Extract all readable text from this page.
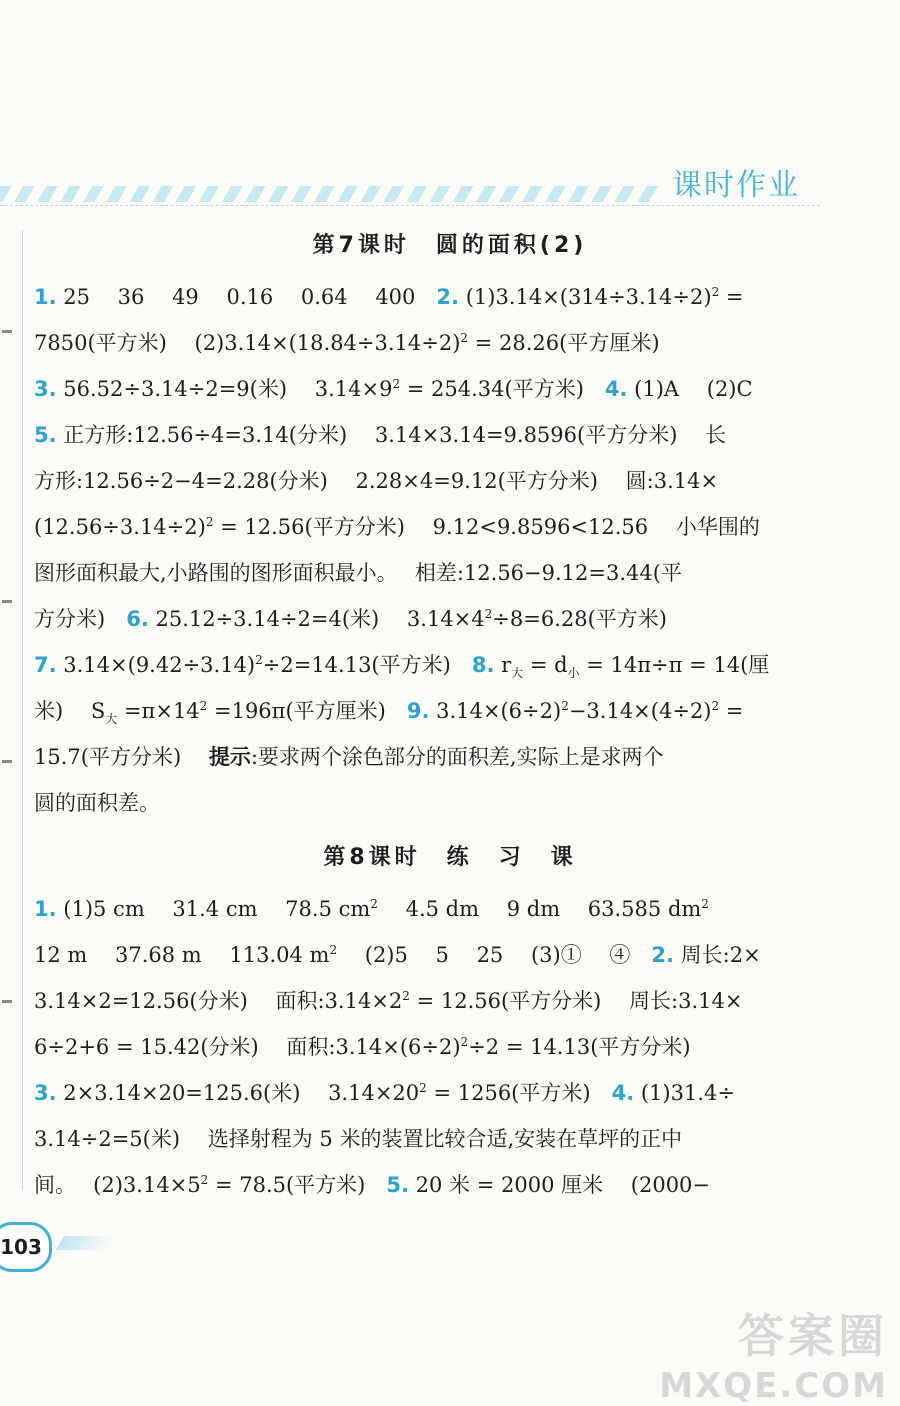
课时作业
第7课时　圆的面积(2)
1. 25　 36　 49　 0.16　 0.64　 400　2. $(1)3.14\times(314\div 3.14\div 2)^2$ =
7850(平方米)　 $(2)3.14\times(18.84\div 3.14\div 2)^2 = 28.26$(平方厘米)
3. 56.52÷3.14÷2=9(米)　 $3.14\times 9^2 = 254.34$(平方米)　4. (1)A　 (2)C
5. 正方形:12.56÷4=3.14(分米)　 3.14×3.14=9.8596(平方分米)　 长
方形:12.56÷2−4=2.28(分米)　 2.28×4=9.12(平方分米)　 圆:3.14×
$(12.56\div 3.14\div 2)^2 = 12.56$(平方分米)　 9.12<9.8596<12.56　 小华围的
图形面积最大,小路围的图形面积最小。　 相差:12.56−9.12=3.44(平
方分米)　6. 25.12÷3.14÷2=4(米)　 $3.14\times 4^2\div 8=6.28$(平方米)
7. $3.14\times(9.42\div 3.14)^2\div 2=14.13$(平方米)　8. $r_大 = d_小 = 14\pi\div\pi = 14$(厘
米)　 $S_大 =\pi\times 14^2 =196\pi$(平方厘米)　9. $3.14\times(6\div 2)^2-3.14\times(4\div 2)^2$ =
15.7(平方分米)　 提示:要求两个涂色部分的面积差,实际上是求两个
圆的面积差。
第8课时　练　习　课
1. (1)5 cm　 31.4 cm　 78.5 $cm^2$　 4.5 dm　 9 dm　 63.585 $dm^2$
12 m　 37.68 m　 113.04 $m^2$　 (2)5　 5　 25　 (3)①　 ④　2. 周长:2×
3.14×2=12.56(分米)　 面积$:3.14\times 2^2 = 12.56$(平方分米)　 周长:3.14×
6÷2+6 = 15.42(分米)　 面积$:3.14\times(6\div 2)^2\div 2 = 14.13$(平方分米)
3. 2×3.14×20=125.6(米)　 $3.14\times 20^2 = 1256$(平方米)　4. (1)31.4÷
3.14÷2=5(米)　 选择射程为 5 米的装置比较合适,安装在草坪的正中
间。　 $(2)3.14\times 5^2 = 78.5$(平方米)　5. 20 米 = 2000 厘米　 (2000−
103
答案圈
MXQE.COM
